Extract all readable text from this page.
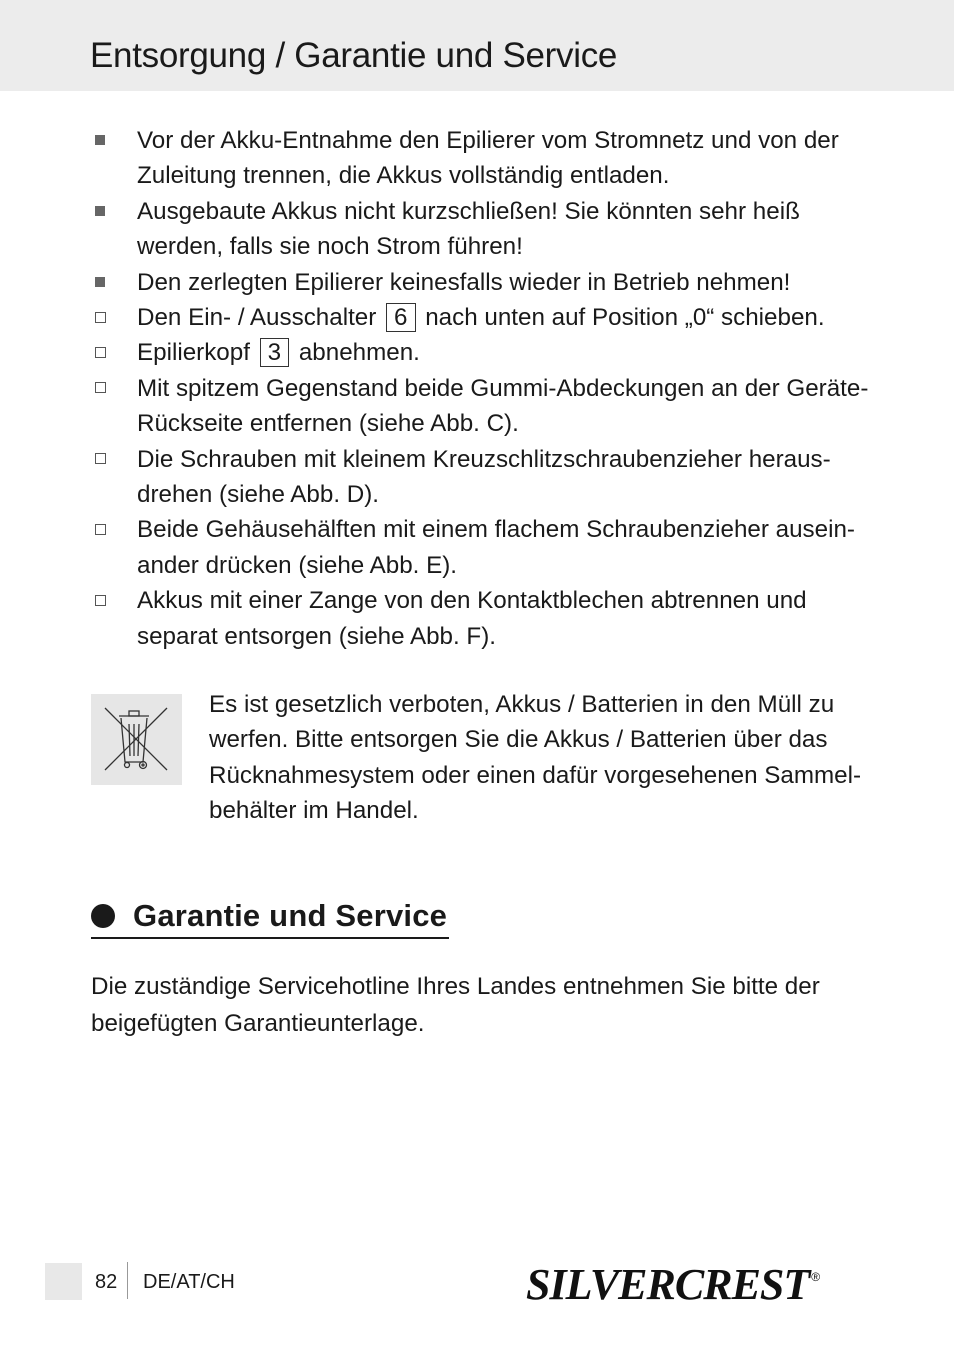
Entsorgung / Garantie und Service
Vor der Akku-Entnahme den Epilierer vom Stromnetz und von der Zuleitung trennen, die Akkus vollständig entladen.
Ausgebaute Akkus nicht kurzschließen! Sie könnten sehr heiß werden, falls sie noch Strom führen!
Den zerlegten Epilierer keinesfalls wieder in Betrieb nehmen!
Den Ein- / Ausschalter 6 nach unten auf Position „0“ schieben.
Epilierkopf 3 abnehmen.
Mit spitzem Gegenstand beide Gummi-Abdeckungen an der Geräte-Rückseite entfernen (siehe Abb. C).
Die Schrauben mit kleinem Kreuzschlitzschraubenzieher heraus-drehen (siehe Abb. D).
Beide Gehäusehälften mit einem flachem Schraubenzieher ausein-ander drücken (siehe Abb. E).
Akkus mit einer Zange von den Kontaktblechen abtrennen und separat entsorgen (siehe Abb. F).

Es ist gesetzlich verboten, Akkus / Batterien in den Müll zu werfen. Bitte entsorgen Sie die Akkus / Batterien über das Rücknahmesystem oder einen dafür vorgesehenen Sammel-behälter im Handel.

Garantie und Service

Die zuständige Servicehotline Ihres Landes entnehmen Sie bitte der beigefügten Garantieunterlage.

82 DE/AT/CH	SILVERCREST ®
